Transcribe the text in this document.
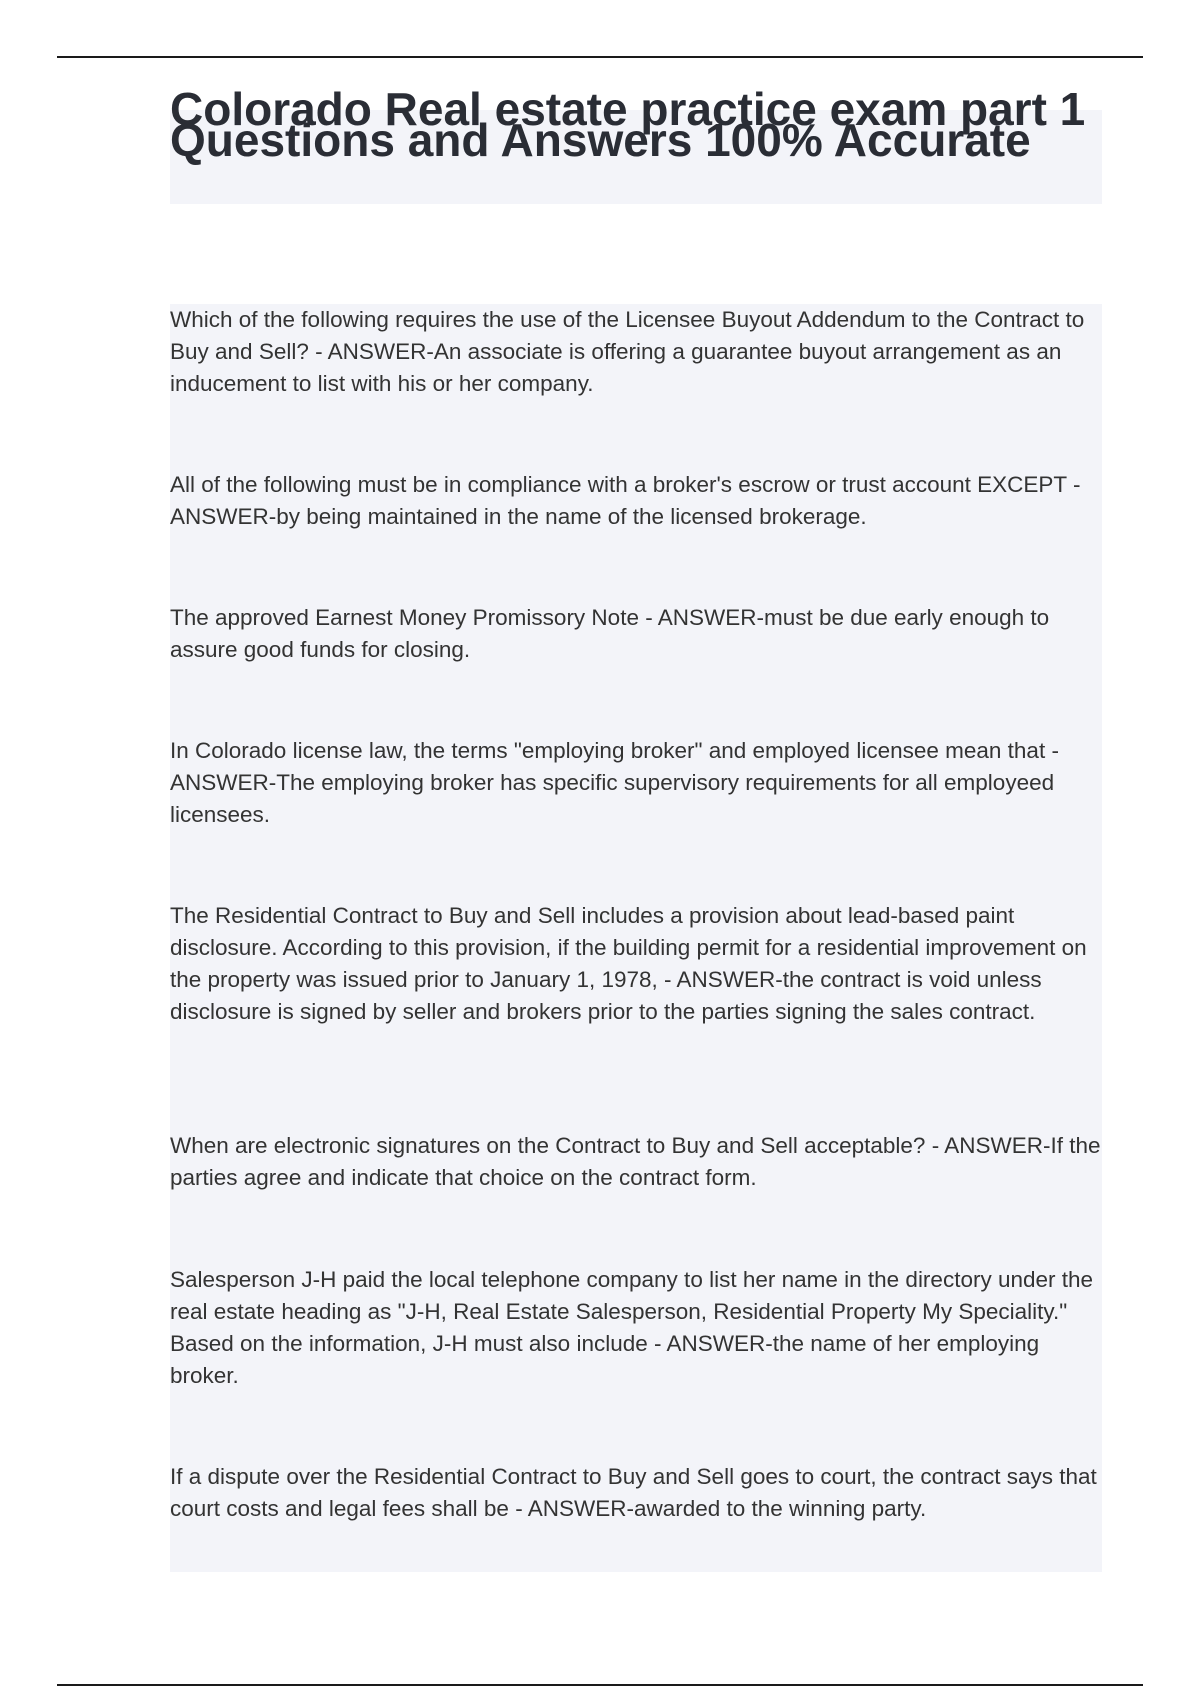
Colorado Real estate practice exam part 1 Questions and Answers 100% Accurate

Which of the following requires the use of the Licensee Buyout Addendum to the Contract to Buy and Sell? - ANSWER-An associate is offering a guarantee buyout arrangement as an inducement to list with his or her company.

All of the following must be in compliance with a broker's escrow or trust account EXCEPT - ANSWER-by being maintained in the name of the licensed brokerage.

The approved Earnest Money Promissory Note - ANSWER-must be due early enough to assure good funds for closing.

In Colorado license law, the terms "employing broker" and employed licensee mean that - ANSWER-The employing broker has specific supervisory requirements for all employeed licensees.

The Residential Contract to Buy and Sell includes a provision about lead-based paint disclosure. According to this provision, if the building permit for a residential improvement on the property was issued prior to January 1, 1978, - ANSWER-the contract is void unless disclosure is signed by seller and brokers prior to the parties signing the sales contract.

When are electronic signatures on the Contract to Buy and Sell acceptable? - ANSWER-If the parties agree and indicate that choice on the contract form.

Salesperson J-H paid the local telephone company to list her name in the directory under the real estate heading as "J-H, Real Estate Salesperson, Residential Property My Speciality." Based on the information, J-H must also include - ANSWER-the name of her employing broker.

If a dispute over the Residential Contract to Buy and Sell goes to court, the contract says that court costs and legal fees shall be - ANSWER-awarded to the winning party.
